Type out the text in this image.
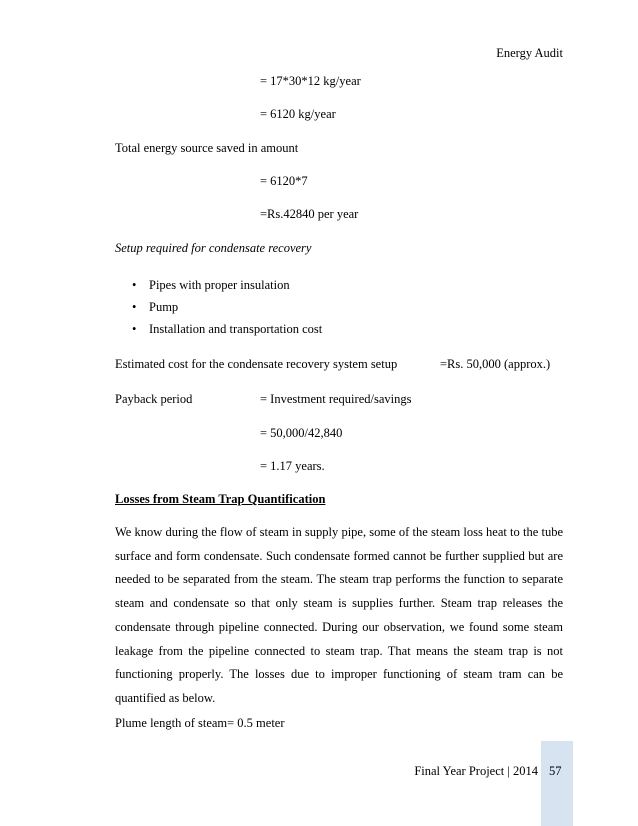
Energy Audit
= 17*30*12 kg/year
= 6120 kg/year
Total energy source saved in amount
= 6120*7
=Rs.42840 per year
Setup required for condensate recovery
• Pipes with proper insulation
• Pump
• Installation and transportation cost
Estimated cost for the condensate recovery system setup	=Rs. 50,000 (approx.)
Payback period	= Investment required/savings
= 50,000/42,840
= 1.17 years.
Losses from Steam Trap Quantification
We know during the flow of steam in supply pipe, some of the steam loss heat to the tube
surface and form condensate. Such condensate formed cannot be further supplied but are
needed to be separated from the steam. The steam trap performs the function to separate
steam and condensate so that only steam is supplies further. Steam trap releases the
condensate through pipeline connected. During our observation, we found some steam
leakage from the pipeline connected to steam trap. That means the steam trap is not
functioning properly. The losses due to improper functioning of steam tram can be
quantified as below.
Plume length of steam= 0.5 meter
Final Year Project | 2014 57
